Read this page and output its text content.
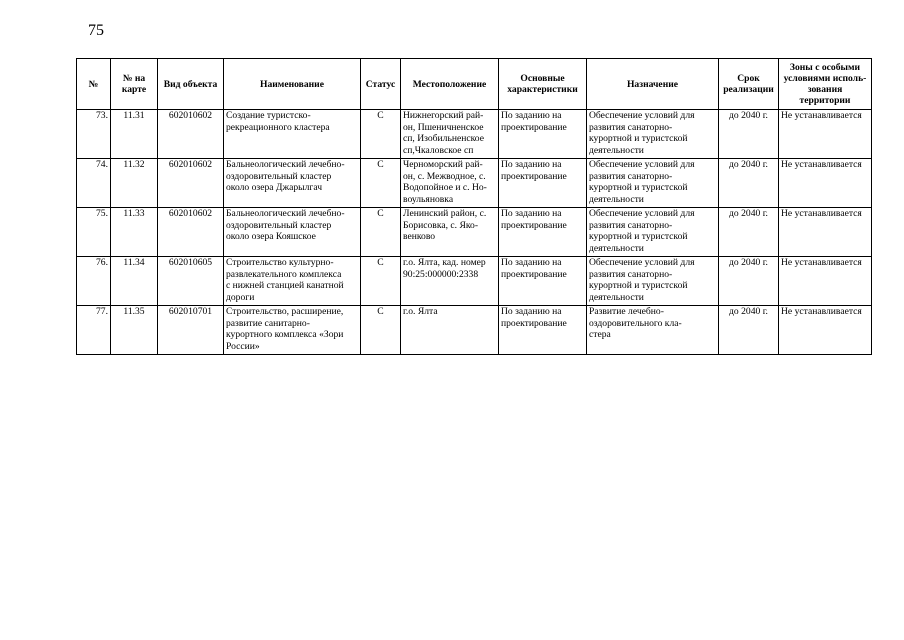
75
№	№ на
карте	Вид объекта	Наименование	Статус	Местоположение	Основные
характеристики	Назначение	Срок
реализации	Зоны с особыми
условиями исполь-
зования
территории

73.	11.31	602010602	Создание туристско-
рекреационного кластера	С	Нижнегорский рай-
он, Пшеничненское
сп, Изобильненское
сп,Чкаловское сп	По заданию на
проектирование	Обеспечение условий для
развития санаторно-
курортной и туристской
деятельности	до 2040 г.	Не устанавливается

74.	11.32	602010602	Бальнеологический лечебно-
оздоровительный кластер
около озера Джарылгач	С	Черноморский рай-
он, с. Межводное, с.
Водопойное и с. Но-
воульяновка	По заданию на
проектирование	Обеспечение условий для
развития санаторно-
курортной и туристской
деятельности	до 2040 г.	Не устанавливается

75.	11.33	602010602	Бальнеологический лечебно-
оздоровительный кластер
около озера Кояшское	С	Ленинский район, с.
Борисовка, с. Яко-
венково	По заданию на
проектирование	Обеспечение условий для
развития санаторно-
курортной и туристской
деятельности	до 2040 г.	Не устанавливается

76.	11.34	602010605	Строительство культурно-
развлекательного комплекса
с нижней станцией канатной
дороги	С	г.о. Ялта, кад. номер
90:25:000000:2338	По заданию на
проектирование	Обеспечение условий для
развития санаторно-
курортной и туристской
деятельности	до 2040 г.	Не устанавливается

77.	11.35	602010701	Строительство, расширение,
развитие санитарно-
курортного комплекса «Зори
России»	С	г.о. Ялта	По заданию на
проектирование	Развитие лечебно-
оздоровительного кла-
стера	до 2040 г.	Не устанавливается
